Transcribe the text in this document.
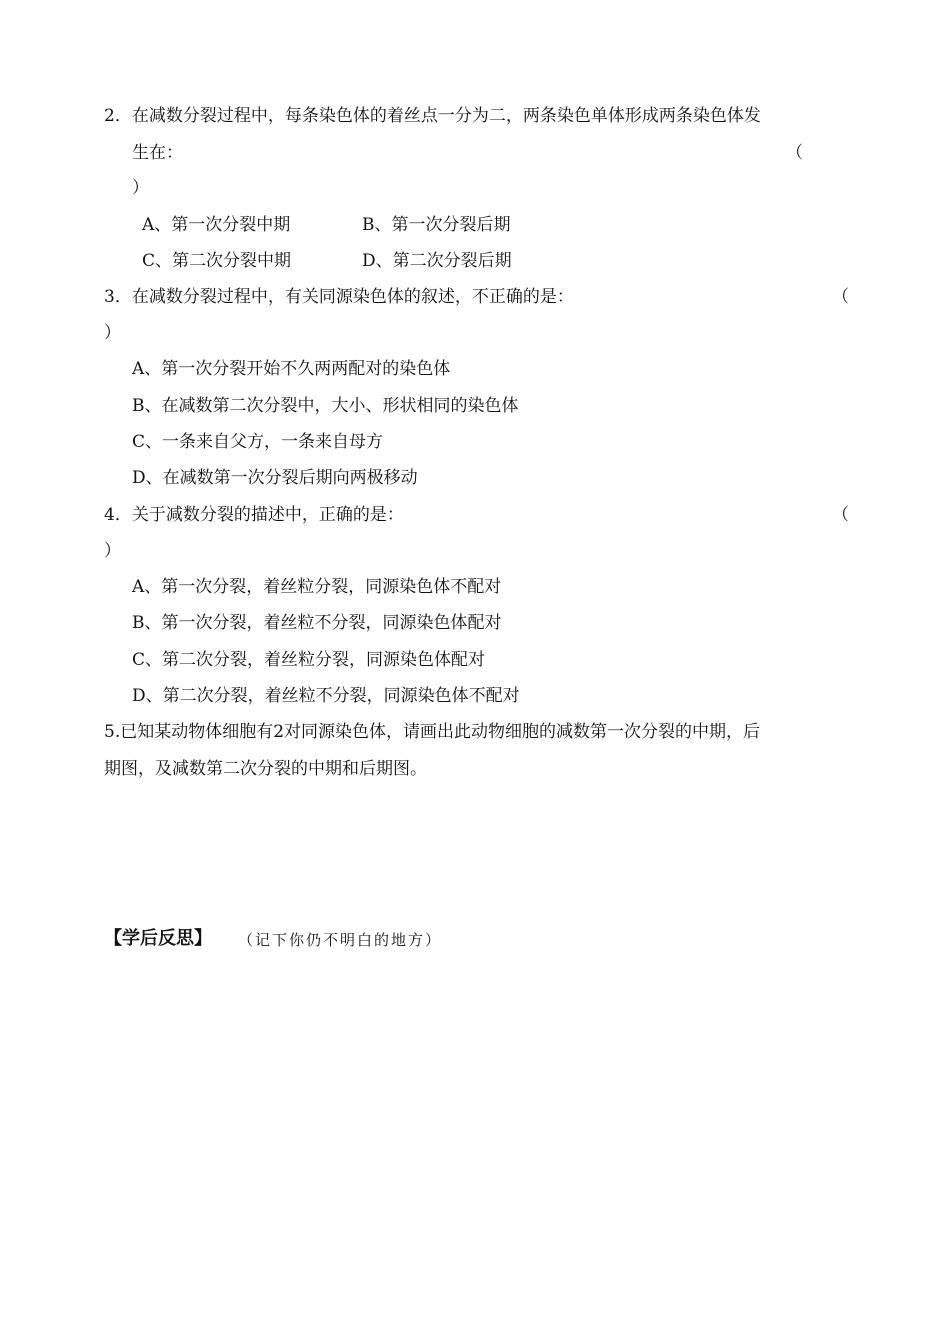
2．在减数分裂过程中，每条染色体的着丝点一分为二，两条染色单体形成两条染色体发
生在：	（
）
A、第一次分裂中期	B、第一次分裂后期
C、第二次分裂中期	D、第二次分裂后期
3．在减数分裂过程中，有关同源染色体的叙述，不正确的是：	（
）
A、第一次分裂开始不久两两配对的染色体
B、在减数第二次分裂中，大小、形状相同的染色体
C、一条来自父方，一条来自母方
D、在减数第一次分裂后期向两极移动
4．关于减数分裂的描述中，正确的是：	（
）
A、第一次分裂，着丝粒分裂，同源染色体不配对
B、第一次分裂，着丝粒不分裂，同源染色体配对
C、第二次分裂，着丝粒分裂，同源染色体配对
D、第二次分裂，着丝粒不分裂，同源染色体不配对
5.已知某动物体细胞有2对同源染色体，请画出此动物细胞的减数第一次分裂的中期，后
期图，及减数第二次分裂的中期和后期图。
【学后反思】 （记下你仍不明白的地方）
